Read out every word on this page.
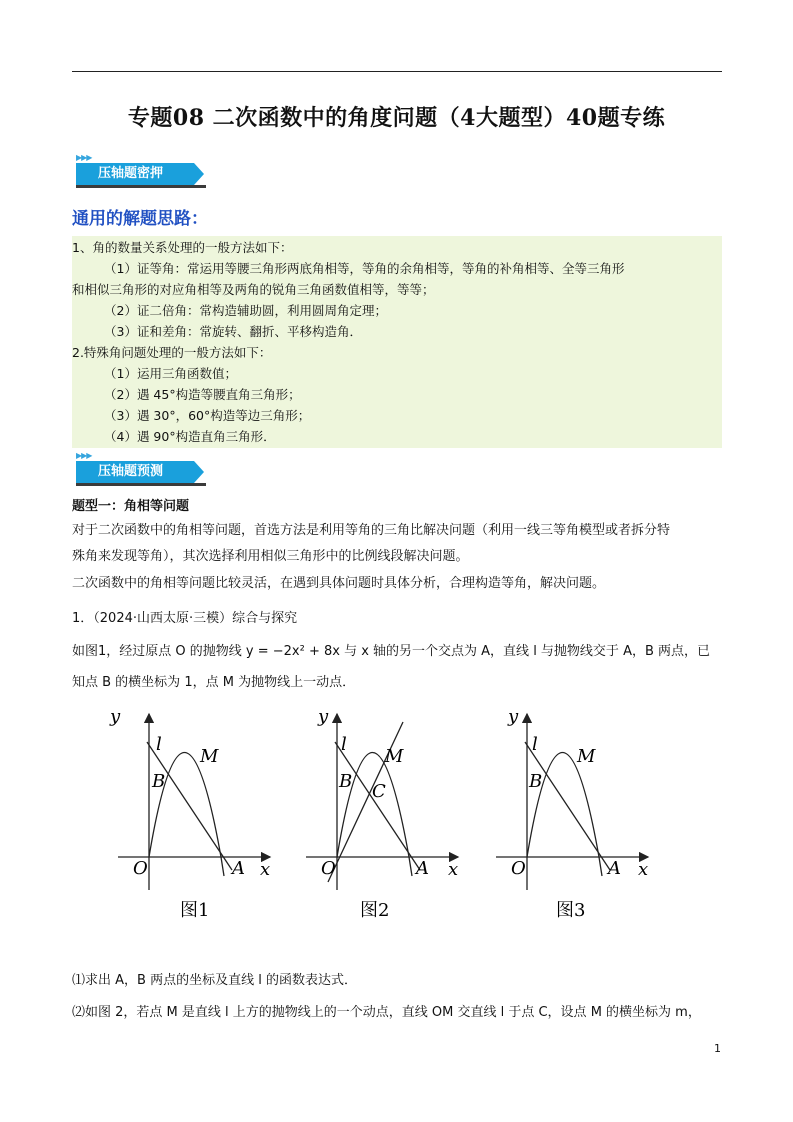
专题08 二次函数中的角度问题（4大题型）40题专练
▶▶▶
压轴题密押
通用的解题思路：
1、角的数量关系处理的一般方法如下：
（1）证等角：常运用等腰三角形两底角相等，等角的余角相等，等角的补角相等、全等三角形
和相似三角形的对应角相等及两角的锐角三角函数值相等，等等；
（2）证二倍角：常构造辅助圆，利用圆周角定理；
（3）证和差角：常旋转、翻折、平移构造角．
2.特殊角问题处理的一般方法如下：
（1）运用三角函数值；
（2）遇 45°构造等腰直角三角形；
（3）遇 30°，60°构造等边三角形；
（4）遇 90°构造直角三角形．
▶▶▶
压轴题预测
题型一：角相等问题
对于二次函数中的角相等问题，首选方法是利用等角的三角比解决问题（利用一线三等角模型或者拆分特
殊角来发现等角），其次选择利用相似三角形中的比例线段解决问题。
二次函数中的角相等问题比较灵活，在遇到具体问题时具体分析，合理构造等角，解决问题。
1．（2024·山西太原·三模）综合与探究
如图1，经过原点 O 的抛物线 y = −2x² + 8x 与 x 轴的另一个交点为 A，直线 l 与抛物线交于 A，B 两点，已
知点 B 的横坐标为 1，点 M 为抛物线上一动点．
y
x
O	A
B
M
l
图1
y
x
O	A
B
M
l
C
图2
y
x
O	A
B
M
l
图3
⑴求出 A，B 两点的坐标及直线 l 的函数表达式．
⑵如图 2，若点 M 是直线 l 上方的抛物线上的一个动点，直线 OM 交直线 l 于点 C，设点 M 的横坐标为 m，
1
